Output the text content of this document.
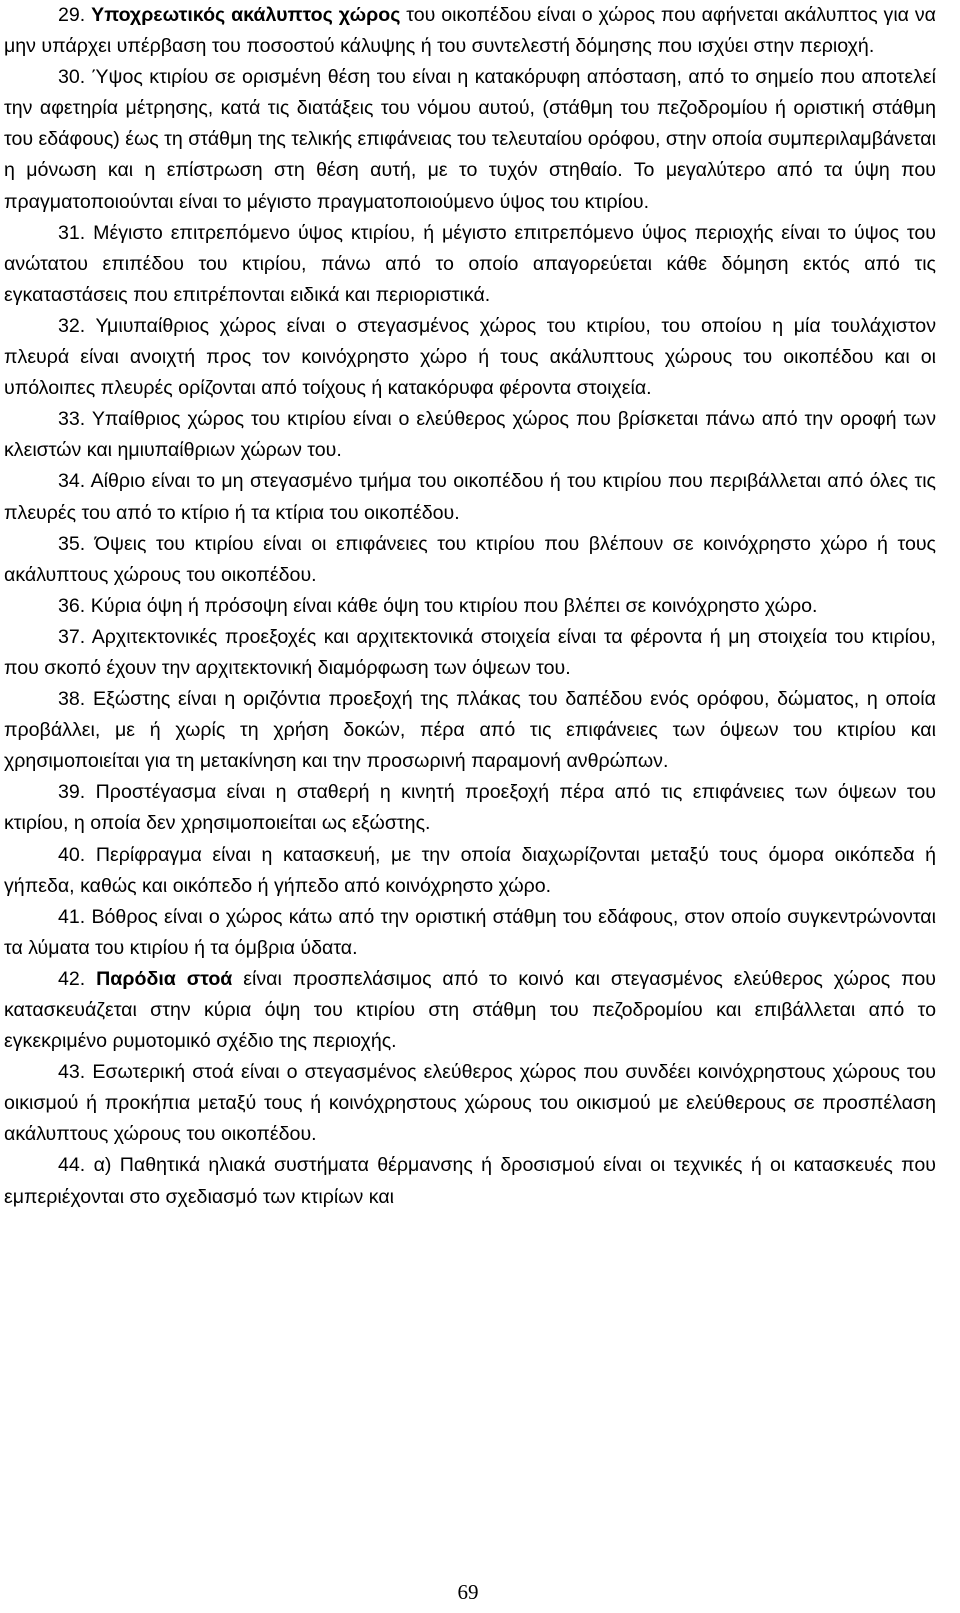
29. Υποχρεωτικός ακάλυπτος χώρος του οικοπέδου είναι ο χώρος που αφήνεται ακάλυπτος για να μην υπάρχει υπέρβαση του ποσοστού κάλυψης ή του συντελεστή δόμησης που ισχύει στην περιοχή.

30. Ύψος κτιρίου σε ορισμένη θέση του είναι η κατακόρυφη απόσταση, από το σημείο που αποτελεί την αφετηρία μέτρησης, κατά τις διατάξεις του νόμου αυτού, (στάθμη του πεζοδρομίου ή οριστική στάθμη του εδάφους) έως τη στάθμη της τελικής επιφάνειας του τελευταίου ορόφου, στην οποία συμπεριλαμβάνεται η μόνωση και η επίστρωση στη θέση αυτή, με το τυχόν στηθαίο. Το μεγαλύτερο από τα ύψη που πραγματοποιούνται είναι το μέγιστο πραγματοποιούμενο ύψος του κτιρίου.

31. Μέγιστο επιτρεπόμενο ύψος κτιρίου, ή μέγιστο επιτρεπόμενο ύψος περιοχής είναι το ύψος του ανώτατου επιπέδου του κτιρίου, πάνω από το οποίο απαγορεύεται κάθε δόμηση εκτός από τις εγκαταστάσεις που επιτρέπονται ειδικά και περιοριστικά.

32. Υμιυπαίθριος χώρος είναι ο στεγασμένος χώρος του κτιρίου, του οποίου η μία τουλάχιστον πλευρά είναι ανοιχτή προς τον κοινόχρηστο χώρο ή τους ακάλυπτους χώρους του οικοπέδου και οι υπόλοιπες πλευρές ορίζονται από τοίχους ή κατακόρυφα φέροντα στοιχεία.

33. Υπαίθριος χώρος του κτιρίου είναι ο ελεύθερος χώρος που βρίσκεται πάνω από την οροφή των κλειστών και ημιυπαίθριων χώρων του.

34. Αίθριο είναι το μη στεγασμένο τμήμα του οικοπέδου ή του κτιρίου που περιβάλλεται από όλες τις πλευρές του από το κτίριο ή τα κτίρια του οικοπέδου.

35. Όψεις του κτιρίου είναι οι επιφάνειες του κτιρίου που βλέπουν σε κοινόχρηστο χώρο ή τους ακάλυπτους χώρους του οικοπέδου.

36. Κύρια όψη ή πρόσοψη είναι κάθε όψη του κτιρίου που βλέπει σε κοινόχρηστο χώρο.

37. Αρχιτεκτονικές προεξοχές και αρχιτεκτονικά στοιχεία είναι τα φέροντα ή μη στοιχεία του κτιρίου, που σκοπό έχουν την αρχιτεκτονική διαμόρφωση των όψεων του.

38. Εξώστης είναι η οριζόντια προεξοχή της πλάκας του δαπέδου ενός ορόφου, δώματος, η οποία προβάλλει, με ή χωρίς τη χρήση δοκών, πέρα από τις επιφάνειες των όψεων του κτιρίου και χρησιμοποιείται για τη μετακίνηση και την προσωρινή παραμονή ανθρώπων.

39. Προστέγασμα είναι η σταθερή η κινητή προεξοχή πέρα από τις επιφάνειες των όψεων του κτιρίου, η οποία δεν χρησιμοποιείται ως εξώστης.

40. Περίφραγμα είναι η κατασκευή, με την οποία διαχωρίζονται μεταξύ τους όμορα οικόπεδα ή γήπεδα, καθώς και οικόπεδο ή γήπεδο από κοινόχρηστο χώρο.

41. Βόθρος είναι ο χώρος κάτω από την οριστική στάθμη του εδάφους, στον οποίο συγκεντρώνονται τα λύματα του κτιρίου ή τα όμβρια ύδατα.

42. Παρόδια στοά είναι προσπελάσιμος από το κοινό και στεγασμένος ελεύθερος χώρος που κατασκευάζεται στην κύρια όψη του κτιρίου στη στάθμη του πεζοδρομίου και επιβάλλεται από το εγκεκριμένο ρυμοτομικό σχέδιο της περιοχής.

43. Εσωτερική στοά είναι ο στεγασμένος ελεύθερος χώρος που συνδέει κοινόχρηστους χώρους του οικισμού ή προκήπια μεταξύ τους ή κοινόχρηστους χώρους του οικισμού με ελεύθερους σε προσπέλαση ακάλυπτους χώρους του οικοπέδου.

44. α) Παθητικά ηλιακά συστήματα θέρμανσης ή δροσισμού είναι οι τεχνικές ή οι κατασκευές που εμπεριέχονται στο σχεδιασμό των κτιρίων και

69
